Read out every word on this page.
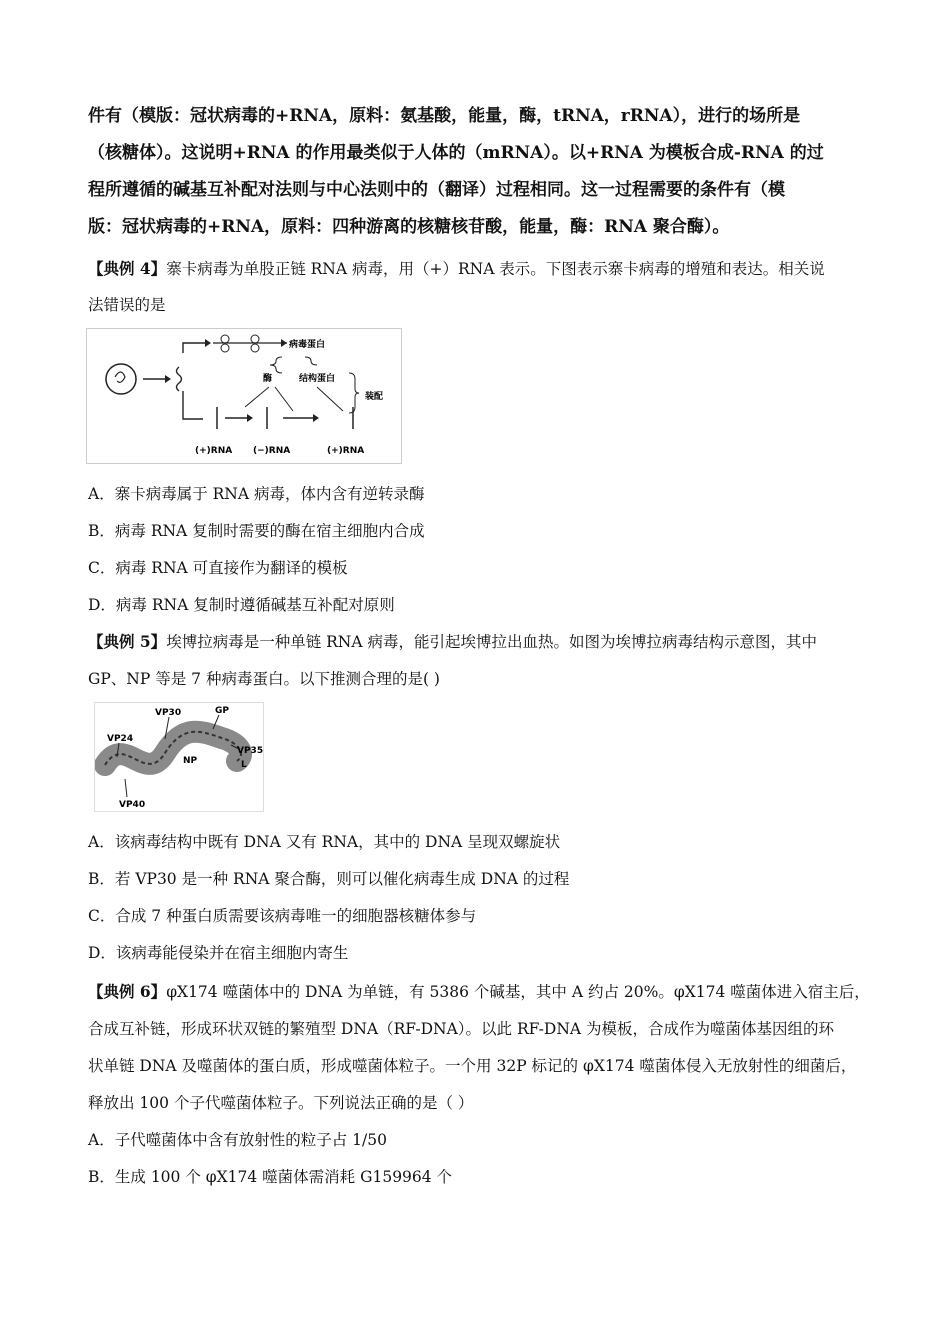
件有（模版：冠状病毒的+RNA，原料：氨基酸，能量，酶，tRNA，rRNA），进行的场所是
（核糖体）。这说明+RNA 的作用最类似于人体的（mRNA）。以+RNA 为模板合成-RNA 的过
程所遵循的碱基互补配对法则与中心法则中的（翻译）过程相同。这一过程需要的条件有（模
版：冠状病毒的+RNA，原料：四种游离的核糖核苷酸，能量，酶：RNA 聚合酶）。
【典例 4】寨卡病毒为单股正链 RNA 病毒，用（+）RNA 表示。下图表示寨卡病毒的增殖和表达。相关说
法错误的是
病毒蛋白
酶	结构蛋白
装配
(+)RNA (−)RNA	(+)RNA
A．寨卡病毒属于 RNA 病毒，体内含有逆转录酶
B．病毒 RNA 复制时需要的酶在宿主细胞内合成
C．病毒 RNA 可直接作为翻译的模板
D．病毒 RNA 复制时遵循碱基互补配对原则
【典例 5】埃博拉病毒是一种单链 RNA 病毒，能引起埃博拉出血热。如图为埃博拉病毒结构示意图，其中
GP、NP 等是 7 种病毒蛋白。以下推测合理的是( )
VP30	GP
VP24
VP35
NP	L
VP40
A．该病毒结构中既有 DNA 又有 RNA，其中的 DNA 呈现双螺旋状
B．若 VP30 是一种 RNA 聚合酶，则可以催化病毒生成 DNA 的过程
C．合成 7 种蛋白质需要该病毒唯一的细胞器核糖体参与
D．该病毒能侵染并在宿主细胞内寄生
【典例 6】φX174 噬菌体中的 DNA 为单链，有 5386 个碱基，其中 A 约占 20%。φX174 噬菌体进入宿主后，
合成互补链，形成环状双链的繁殖型 DNA（RF-DNA）。以此 RF-DNA 为模板，合成作为噬菌体基因组的环
状单链 DNA 及噬菌体的蛋白质，形成噬菌体粒子。一个用 32P 标记的 φX174 噬菌体侵入无放射性的细菌后，
释放出 100 个子代噬菌体粒子。下列说法正确的是（ ）
A．子代噬菌体中含有放射性的粒子占 1/50
B．生成 100 个 φX174 噬菌体需消耗 G159964 个
